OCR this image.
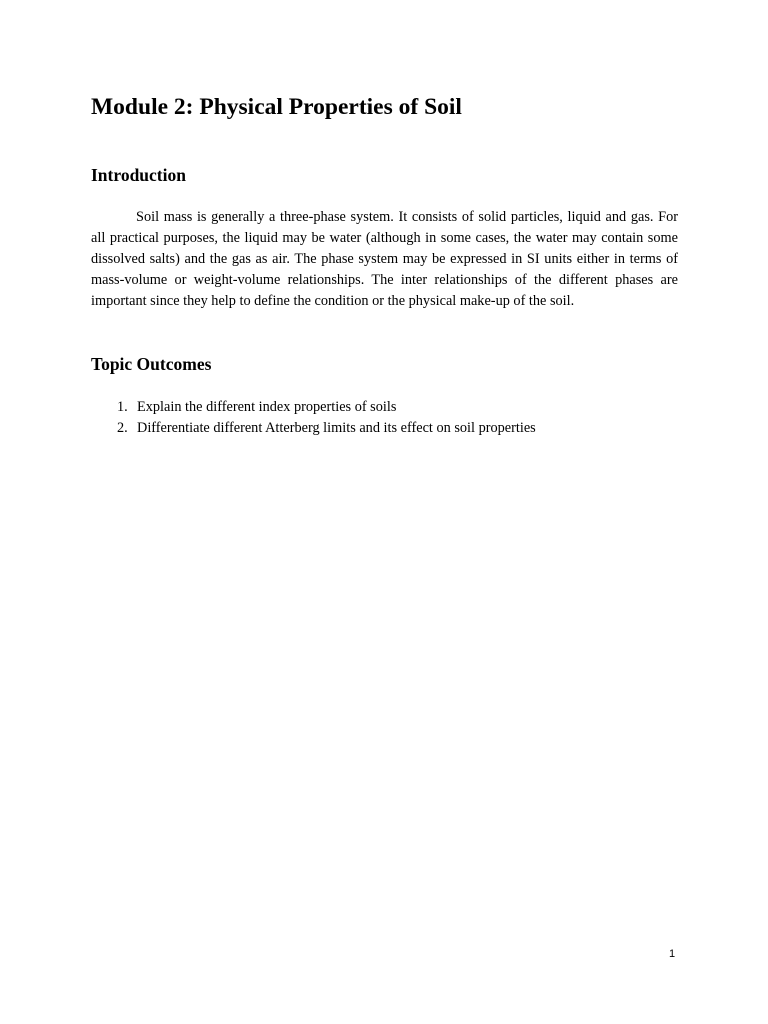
Module 2: Physical Properties of Soil
Introduction

Soil mass is generally a three-phase system. It consists of solid particles, liquid and gas. For all practical purposes, the liquid may be water (although in some cases, the water may contain some dissolved salts) and the gas as air. The phase system may be expressed in SI units either in terms of mass-volume or weight-volume relationships. The inter relationships of the different phases are important since they help to define the condition or the physical make-up of the soil.

Topic Outcomes
1. Explain the different index properties of soils
2. Differentiate different Atterberg limits and its effect on soil properties
1
